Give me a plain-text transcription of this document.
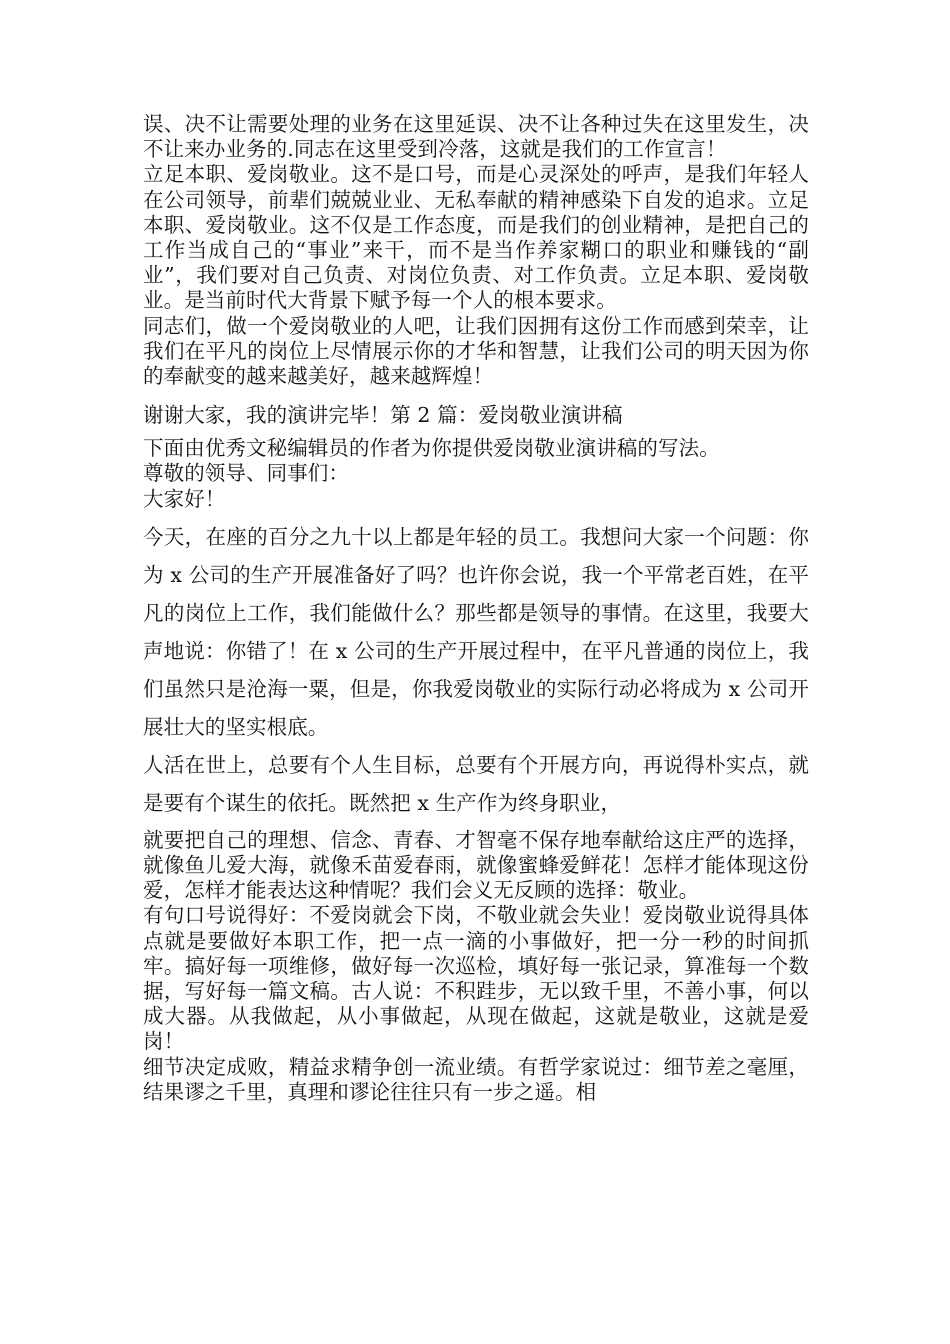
误、决不让需要处理的业务在这里延误、决不让各种过失在这里发生，决不让来办业务的.同志在这里受到冷落，这就是我们的工作宣言！

立足本职、爱岗敬业。这不是口号，而是心灵深处的呼声，是我们年轻人在公司领导，前辈们兢兢业业、无私奉献的精神感染下自发的追求。立足本职、爱岗敬业。这不仅是工作态度，而是我们的创业精神，是把自己的工作当成自己的“事业”来干，而不是当作养家糊口的职业和赚钱的“副业”，我们要对自己负责、对岗位负责、对工作负责。立足本职、爱岗敬业。是当前时代大背景下赋予每一个人的根本要求。

同志们，做一个爱岗敬业的人吧，让我们因拥有这份工作而感到荣幸，让我们在平凡的岗位上尽情展示你的才华和智慧，让我们公司的明天因为你的奉献变的越来越美好，越来越辉煌！

谢谢大家，我的演讲完毕！第 2 篇：爱岗敬业演讲稿

下面由优秀文秘编辑员的作者为你提供爱岗敬业演讲稿的写法。

尊敬的领导、同事们：

大家好！

今天，在座的百分之九十以上都是年轻的员工。我想问大家一个问题：你为 x 公司的生产开展准备好了吗？也许你会说，我一个平常老百姓，在平凡的岗位上工作，我们能做什么？那些都是领导的事情。在这里，我要大声地说：你错了！在 x 公司的生产开展过程中，在平凡普通的岗位上，我们虽然只是沧海一粟，但是，你我爱岗敬业的实际行动必将成为 x 公司开展壮大的坚实根底。

人活在世上，总要有个人生目标，总要有个开展方向，再说得朴实点，就是要有个谋生的依托。既然把 x 生产作为终身职业，

就要把自己的理想、信念、青春、才智毫不保存地奉献给这庄严的选择，就像鱼儿爱大海，就像禾苗爱春雨，就像蜜蜂爱鲜花！怎样才能体现这份爱，怎样才能表达这种情呢？我们会义无反顾的选择：敬业。

有句口号说得好：不爱岗就会下岗，不敬业就会失业！爱岗敬业说得具体点就是要做好本职工作，把一点一滴的小事做好，把一分一秒的时间抓牢。搞好每一项维修，做好每一次巡检，填好每一张记录，算准每一个数据，写好每一篇文稿。古人说：不积跬步，无以致千里，不善小事，何以成大器。从我做起，从小事做起，从现在做起，这就是敬业，这就是爱岗！

细节决定成败，精益求精争创一流业绩。有哲学家说过：细节差之毫厘，结果谬之千里，真理和谬论往往只有一步之遥。相
